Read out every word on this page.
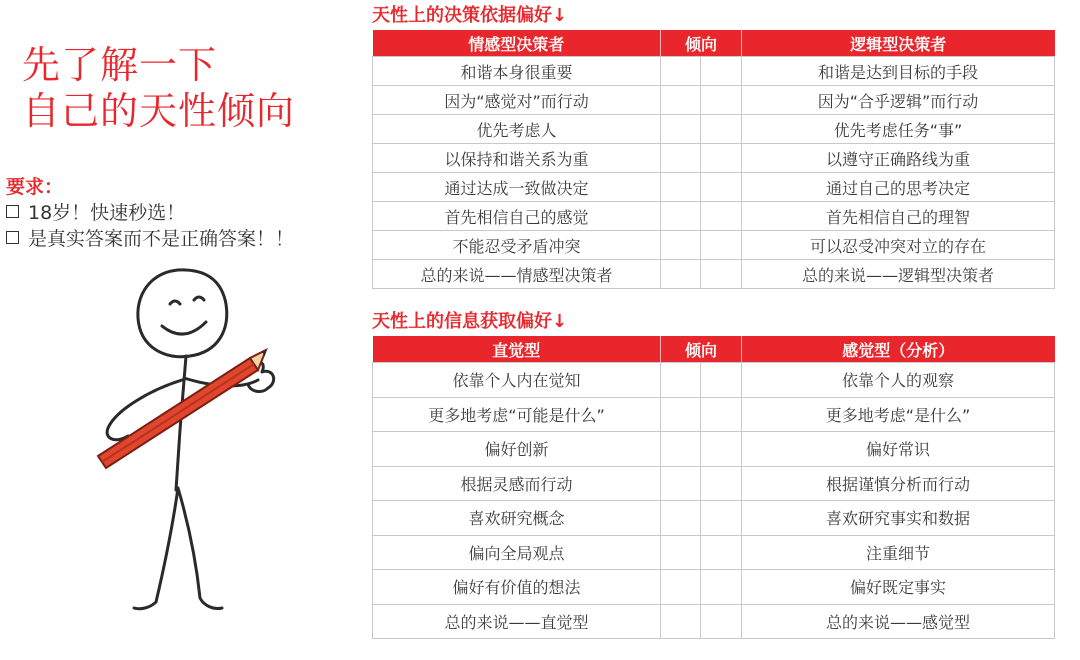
先了解一下
自己的天性倾向
要求：
18岁！快速秒选！
是真实答案而不是正确答案！！
天性上的决策依据偏好↓
情感型决策者	倾向		逻辑型决策者
和谐本身很重要			和谐是达到目标的手段
因为“感觉对”而行动			因为“合乎逻辑”而行动
优先考虑人			优先考虑任务“事”
以保持和谐关系为重			以遵守正确路线为重
通过达成一致做决定			通过自己的思考决定
首先相信自己的感觉			首先相信自己的理智
不能忍受矛盾冲突			可以忍受冲突对立的存在
总的来说——情感型决策者			总的来说——逻辑型决策者
天性上的信息获取偏好↓
直觉型	倾向		感觉型（分析）
依靠个人内在觉知			依靠个人的观察
更多地考虑“可能是什么”			更多地考虑“是什么”
偏好创新			偏好常识
根据灵感而行动			根据谨慎分析而行动
喜欢研究概念			喜欢研究事实和数据
偏向全局观点			注重细节
偏好有价值的想法			偏好既定事实
总的来说——直觉型			总的来说——感觉型
